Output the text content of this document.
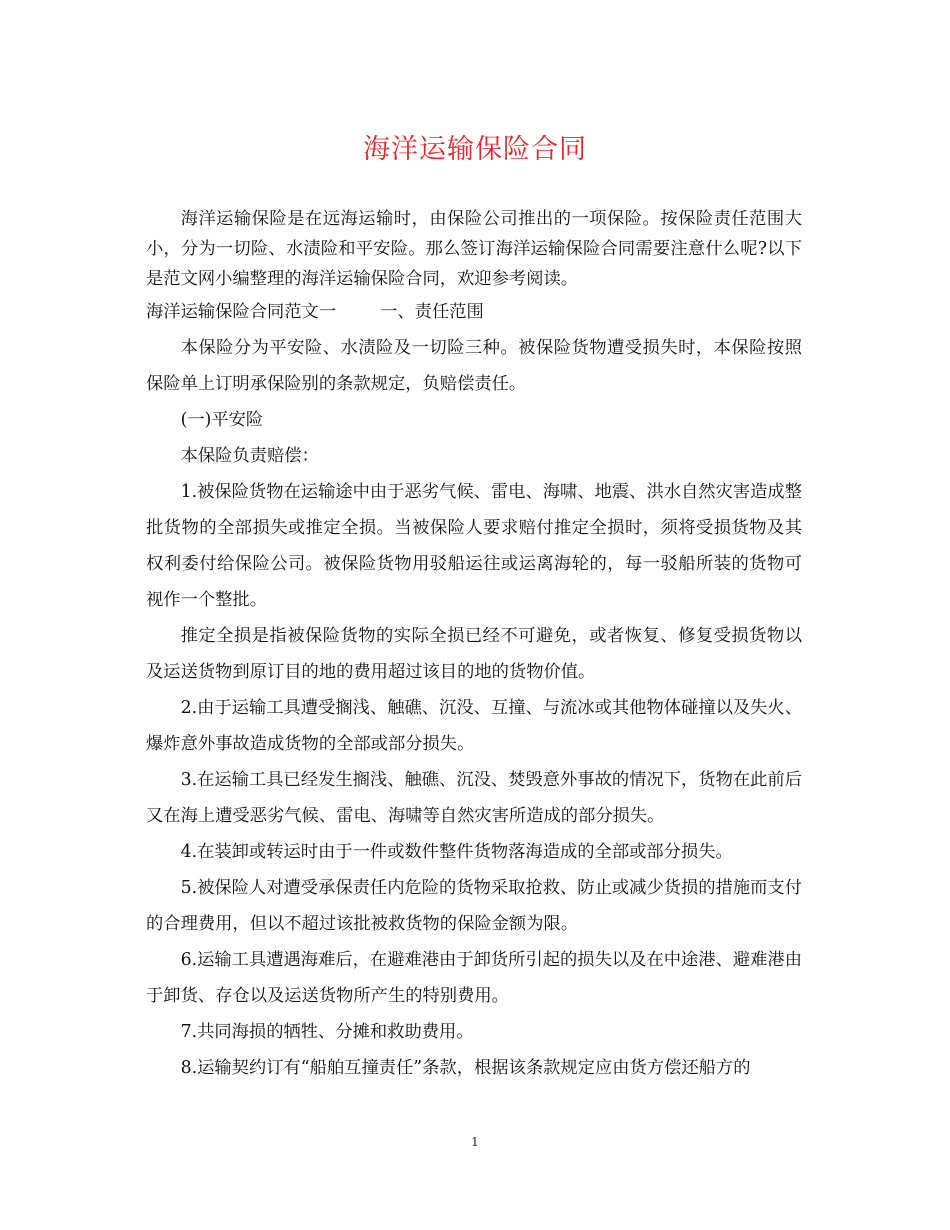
海洋运输保险合同

海洋运输保险是在远海运输时，由保险公司推出的一项保险。按保险责任范围大小，分为一切险、水渍险和平安险。那么签订海洋运输保险合同需要注意什么呢?以下是范文网小编整理的海洋运输保险合同，欢迎参考阅读。

海洋运输保险合同范文一	一、责任范围

本保险分为平安险、水渍险及一切险三种。被保险货物遭受损失时，本保险按照保险单上订明承保险别的条款规定，负赔偿责任。

(一)平安险

本保险负责赔偿：

1.被保险货物在运输途中由于恶劣气候、雷电、海啸、地震、洪水自然灾害造成整批货物的全部损失或推定全损。当被保险人要求赔付推定全损时，须将受损货物及其权利委付给保险公司。被保险货物用驳船运往或运离海轮的，每一驳船所装的货物可视作一个整批。

推定全损是指被保险货物的实际全损已经不可避免，或者恢复、修复受损货物以及运送货物到原订目的地的费用超过该目的地的货物价值。

2.由于运输工具遭受搁浅、触礁、沉没、互撞、与流冰或其他物体碰撞以及失火、爆炸意外事故造成货物的全部或部分损失。

3.在运输工具已经发生搁浅、触礁、沉没、焚毁意外事故的情况下，货物在此前后又在海上遭受恶劣气候、雷电、海啸等自然灾害所造成的部分损失。

4.在装卸或转运时由于一件或数件整件货物落海造成的全部或部分损失。

5.被保险人对遭受承保责任内危险的货物采取抢救、防止或减少货损的措施而支付的合理费用，但以不超过该批被救货物的保险金额为限。

6.运输工具遭遇海难后，在避难港由于卸货所引起的损失以及在中途港、避难港由于卸货、存仓以及运送货物所产生的特别费用。

7.共同海损的牺牲、分摊和救助费用。

8.运输契约订有“船舶互撞责任”条款，根据该条款规定应由货方偿还船方的

1
